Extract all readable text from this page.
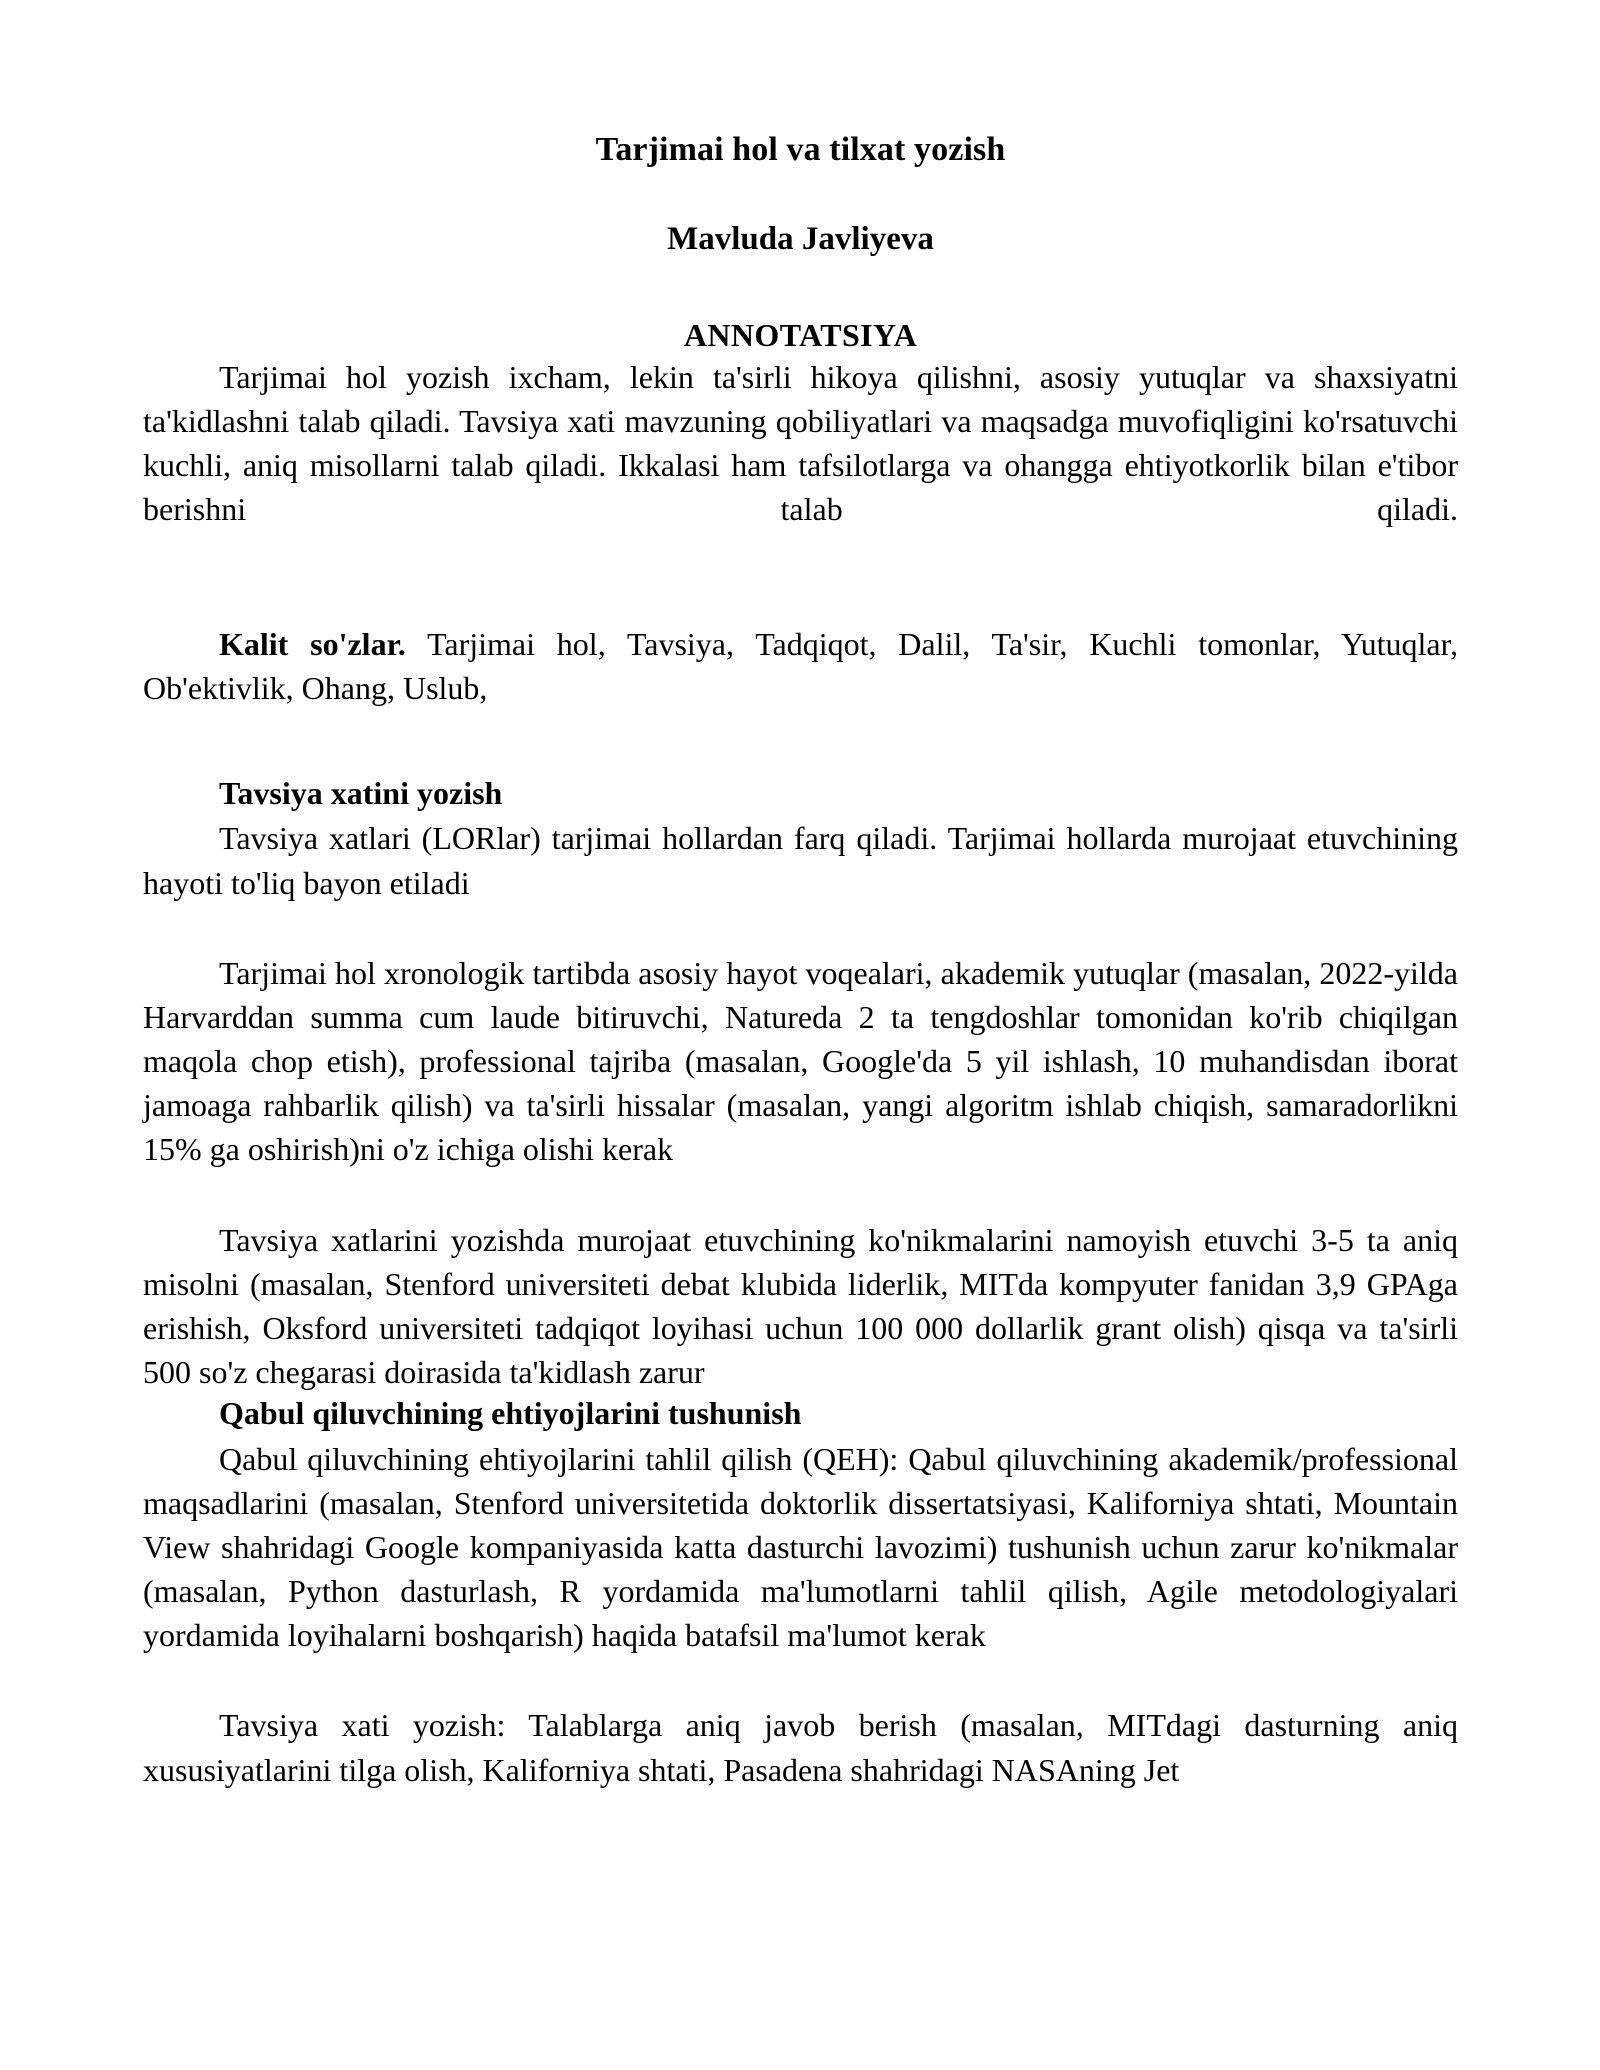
Tarjimai hol va tilxat yozish
Mavluda Javliyeva
ANNOTATSIYA

Tarjimai hol yozish ixcham, lekin ta'sirli hikoya qilishni, asosiy yutuqlar va shaxsiyatni ta'kidlashni talab qiladi. Tavsiya xati mavzuning qobiliyatlari va maqsadga muvofiqligini ko'rsatuvchi kuchli, aniq misollarni talab qiladi. Ikkalasi ham tafsilotlarga va ohangga ehtiyotkorlik bilan e'tibor berishni talab qiladi.

Kalit so'zlar. Tarjimai hol, Tavsiya, Tadqiqot, Dalil, Ta'sir, Kuchli tomonlar, Yutuqlar, Ob'ektivlik, Ohang, Uslub,

Tavsiya xatini yozish

Tavsiya xatlari (LORlar) tarjimai hollardan farq qiladi. Tarjimai hollarda murojaat etuvchining hayoti to'liq bayon etiladi

Tarjimai hol xronologik tartibda asosiy hayot voqealari, akademik yutuqlar (masalan, 2022-yilda Harvarddan summa cum laude bitiruvchi, Natureda 2 ta tengdoshlar tomonidan ko'rib chiqilgan maqola chop etish), professional tajriba (masalan, Google'da 5 yil ishlash, 10 muhandisdan iborat jamoaga rahbarlik qilish) va ta'sirli hissalar (masalan, yangi algoritm ishlab chiqish, samaradorlikni 15% ga oshirish)ni o'z ichiga olishi kerak

Tavsiya xatlarini yozishda murojaat etuvchining ko'nikmalarini namoyish etuvchi 3-5 ta aniq misolni (masalan, Stenford universiteti debat klubida liderlik, MITda kompyuter fanidan 3,9 GPAga erishish, Oksford universiteti tadqiqot loyihasi uchun 100 000 dollarlik grant olish) qisqa va ta'sirli 500 so'z chegarasi doirasida ta'kidlash zarur

Qabul qiluvchining ehtiyojlarini tushunish

Qabul qiluvchining ehtiyojlarini tahlil qilish (QEH): Qabul qiluvchining akademik/professional maqsadlarini (masalan, Stenford universitetida doktorlik dissertatsiyasi, Kaliforniya shtati, Mountain View shahridagi Google kompaniyasida katta dasturchi lavozimi) tushunish uchun zarur ko'nikmalar (masalan, Python dasturlash, R yordamida ma'lumotlarni tahlil qilish, Agile metodologiyalari yordamida loyihalarni boshqarish) haqida batafsil ma'lumot kerak

Tavsiya xati yozish: Talablarga aniq javob berish (masalan, MITdagi dasturning aniq xususiyatlarini tilga olish, Kaliforniya shtati, Pasadena shahridagi NASAning Jet
